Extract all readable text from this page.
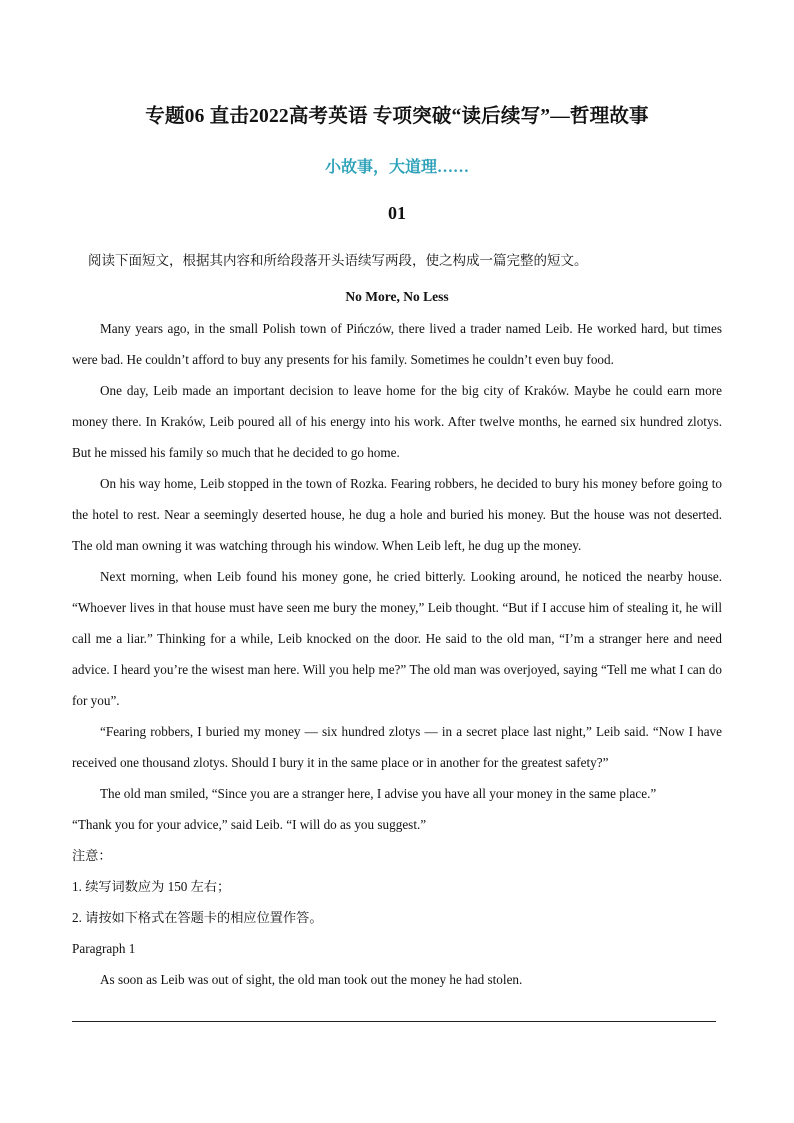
专题06 直击2022高考英语 专项突破“读后续写”—哲理故事
小故事，大道理……
01
阅读下面短文，根据其内容和所给段落开头语续写两段，使之构成一篇完整的短文。
No More, No Less

Many years ago, in the small Polish town of Pińczów, there lived a trader named Leib. He worked hard, but times were bad. He couldn’t afford to buy any presents for his family. Sometimes he couldn’t even buy food.

One day, Leib made an important decision to leave home for the big city of Kraków. Maybe he could earn more money there. In Kraków, Leib poured all of his energy into his work. After twelve months, he earned six hundred zlotys. But he missed his family so much that he decided to go home.

On his way home, Leib stopped in the town of Rozka. Fearing robbers, he decided to bury his money before going to the hotel to rest. Near a seemingly deserted house, he dug a hole and buried his money. But the house was not deserted. The old man owning it was watching through his window. When Leib left, he dug up the money.

Next morning, when Leib found his money gone, he cried bitterly. Looking around, he noticed the nearby house. “Whoever lives in that house must have seen me bury the money,” Leib thought. “But if I accuse him of stealing it, he will call me a liar.” Thinking for a while, Leib knocked on the door. He said to the old man, “I’m a stranger here and need advice. I heard you’re the wisest man here. Will you help me?” The old man was overjoyed, saying “Tell me what I can do for you”.

“Fearing robbers, I buried my money — six hundred zlotys — in a secret place last night,” Leib said. “Now I have received one thousand zlotys. Should I bury it in the same place or in another for the greatest safety?”

The old man smiled, “Since you are a stranger here, I advise you have all your money in the same place.”

“Thank you for your advice,” said Leib. “I will do as you suggest.”

注意：

1. 续写词数应为 150 左右；

2. 请按如下格式在答题卡的相应位置作答。

Paragraph 1

As soon as Leib was out of sight, the old man took out the money he had stolen.
